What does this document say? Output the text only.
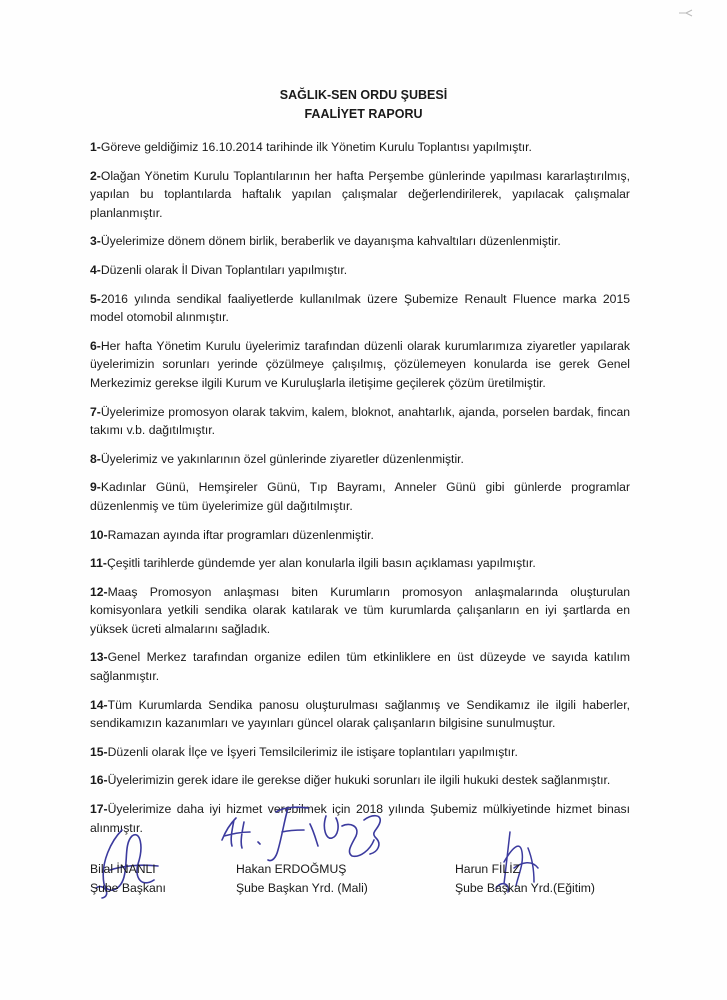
SAĞLIK-SEN ORDU ŞUBESİ
FAALİYET RAPORU

1-Göreve geldiğimiz 16.10.2014 tarihinde ilk Yönetim Kurulu Toplantısı yapılmıştır.

2-Olağan Yönetim Kurulu Toplantılarının her hafta Perşembe günlerinde yapılması kararlaştırılmış, yapılan bu toplantılarda haftalık yapılan çalışmalar değerlendirilerek, yapılacak çalışmalar planlanmıştır.

3-Üyelerimize dönem dönem birlik, beraberlik ve dayanışma kahvaltıları düzenlenmiştir.

4-Düzenli olarak İl Divan Toplantıları yapılmıştır.

5-2016 yılında sendikal faaliyetlerde kullanılmak üzere Şubemize Renault Fluence marka 2015 model otomobil alınmıştır.

6-Her hafta Yönetim Kurulu üyelerimiz tarafından düzenli olarak kurumlarımıza ziyaretler yapılarak üyelerimizin sorunları yerinde çözülmeye çalışılmış, çözülemeyen konularda ise gerek Genel Merkezimiz gerekse ilgili Kurum ve Kuruluşlarla iletişime geçilerek çözüm üretilmiştir.

7-Üyelerimize promosyon olarak takvim, kalem, bloknot, anahtarlık, ajanda, porselen bardak, fincan takımı v.b. dağıtılmıştır.

8-Üyelerimiz ve yakınlarının özel günlerinde ziyaretler düzenlenmiştir.

9-Kadınlar Günü, Hemşireler Günü, Tıp Bayramı, Anneler Günü gibi günlerde programlar düzenlenmiş ve tüm üyelerimize gül dağıtılmıştır.

10-Ramazan ayında iftar programları düzenlenmiştir.

11-Çeşitli tarihlerde gündemde yer alan konularla ilgili basın açıklaması yapılmıştır.

12-Maaş Promosyon anlaşması biten Kurumların promosyon anlaşmalarında oluşturulan komisyonlara yetkili sendika olarak katılarak ve tüm kurumlarda çalışanların en iyi şartlarda en yüksek ücreti almalarını sağladık.

13-Genel Merkez tarafından organize edilen tüm etkinliklere en üst düzeyde ve sayıda katılım sağlanmıştır.

14-Tüm Kurumlarda Sendika panosu oluşturulması sağlanmış ve Sendikamız ile ilgili haberler, sendikamızın kazanımları ve yayınları güncel olarak çalışanların bilgisine sunulmuştur.

15-Düzenli olarak İlçe ve İşyeri Temsilcilerimiz ile istişare toplantıları yapılmıştır.

16-Üyelerimizin gerek idare ile gerekse diğer hukuki sorunları ile ilgili hukuki destek sağlanmıştır.

17-Üyelerimize daha iyi hizmet verebilmek için 2018 yılında Şubemiz mülkiyetinde hizmet binası alınmıştır.

Bilal İNANLI
Şube Başkanı
Hakan ERDOĞMUŞ
Şube Başkan Yrd. (Mali)
Harun FİLİZ
Şube Başkan Yrd.(Eğitim)
